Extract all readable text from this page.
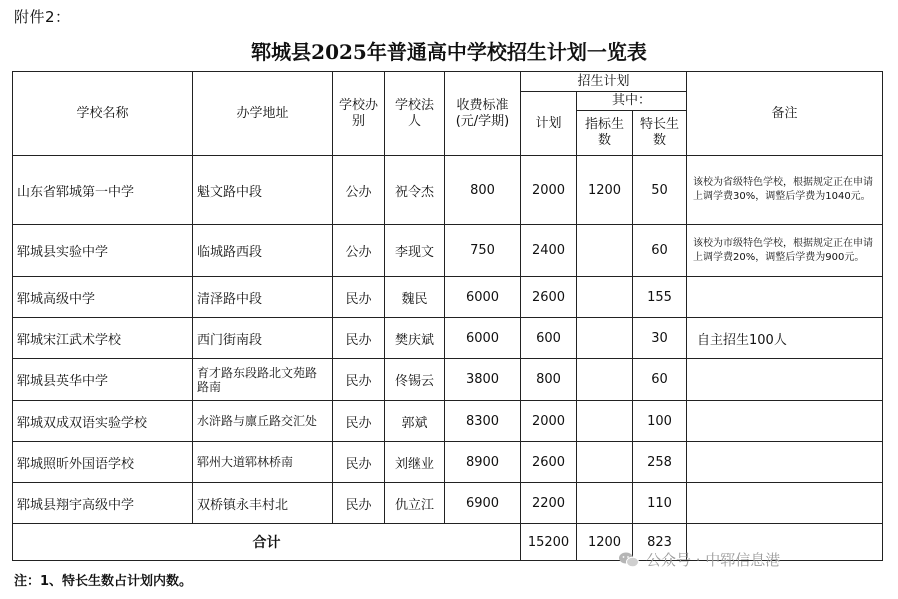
附件2：
郓城县2025年普通高中学校招生计划一览表
学校名称	办学地址	学校办别	学校法人	收费标准(元/学期)	招生计划			备注
					计划	其中：		
						指标生数	特长生数	
山东省郓城第一中学	魁文路中段	公办	祝令杰	800	2000	1200	50	该校为省级特色学校，根据规定正在申请上调学费30%，调整后学费为1040元。
郓城县实验中学	临城路西段	公办	李现文	750	2400		60	该校为市级特色学校，根据规定正在申请上调学费20%，调整后学费为900元。
郓城高级中学	清泽路中段	民办	魏民	6000	2600		155	
郓城宋江武术学校	西门街南段	民办	樊庆斌	6000	600		30	自主招生100人
郓城县英华中学	育才路东段路北文苑路路南	民办	佟锡云	3800	800		60	
郓城双成双语实验学校	水浒路与廪丘路交汇处	民办	郭斌	8300	2000		100	
郓城照昕外国语学校	郓州大道郓林桥南	民办	刘继业	8900	2600		258	
郓城县翔宇高级中学	双桥镇永丰村北	民办	仇立江	6900	2200		110	
合计					15200	1200	823	
注：1、特长生数占计划内数。
公众号 · 中郓信息港
